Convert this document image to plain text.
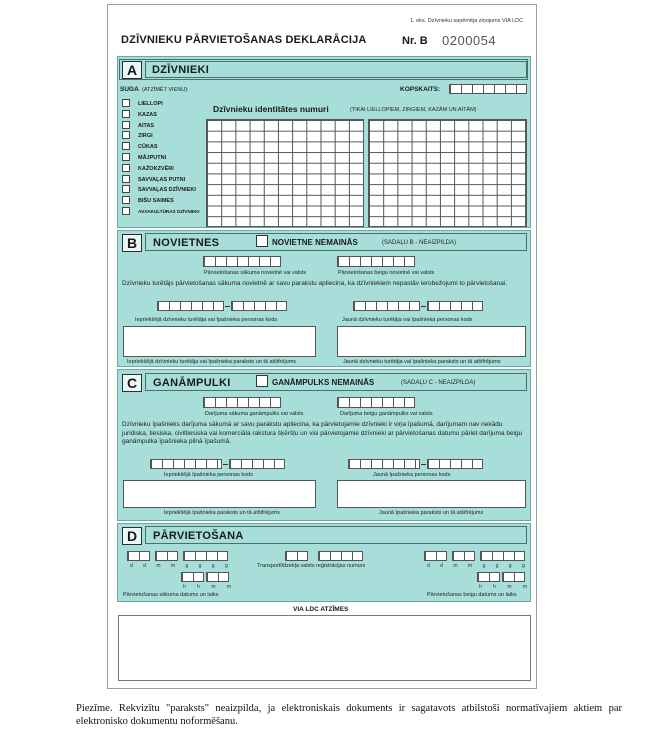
1. eks. Dzīvnieku saņēmēja ziņojums VIA LDC
DZĪVNIEKU PĀRVIETOŠANAS DEKLARĀCIJA	Nr. B 0200054
A	DZĪVNIEKI
SUGA (ATZĪMĒT VIENU):	KOPSKAITS:
Dzīvnieku identitātes numuri	(TIKAI LIELLOPIEM, ZIRGIEM, KAZĀM UN AITĀM)
LIELLOPI
KAZAS
AITAS
ZIRGI
CŪKAS
MĀJPUTNI
KAŽOKZVĒRI
SAVVAĻAS PUTNI
SAVVAĻAS DZĪVNIEKI
BIŠU SAIMES
AKVAKULTŪRAS DZĪVNIEKI
B	NOVIETNES	NOVIETNE NEMAINĀS	(SADAĻU B - NEAIZPILDA)
Pārvietošanas sākuma novietnē vai valsts	Pārvietošanas beigu novietnē vai valsts
Dzīvnieku turētājs pārvietošanas sākuma novietnē ar savu parakstu apliecina, ka dzīvniekiem nepastāv ierobežojumi to pārvietošanai.
Iepriekšējā dzīvnieku turētāja vai īpašnieka personas kods	Jaunā dzīvnieku turētāja vai īpašnieka personas kods
Iepriekšējā dzīvnieku turētāja vai īpašnieka paraksts un tā atšifrējums	Jaunā dzīvnieku turētāja vai īpašnieka paraksts un tā atšifrējums
C	GANĀMPULKI	GANĀMPULKS NEMAINĀS	(SADAĻU C - NEAIZPILDA)
Darījuma sākuma ganāmpulks vai valsts	Darījuma beigu ganāmpulks vai valsts
Dzīvnieku īpašnieks darījuma sākumā ar savu parakstu apliecina, ka pārvietojamie dzīvnieki ir viņa īpašumā, darījumam nav nekādu juridiska, tiesiska, civiltiesiska vai komerciāla rakstura šķēršļu un visi pārvietojamie dzīvnieki ar pārvietošanas datumu pāriet darījuma beigu ganāmpulka īpašnieka pilnā īpašumā.
Iepriekšējā īpašnieka personas kods	Jaunā īpašnieka personas kods
Iepriekšējā īpašnieka paraksts un tā atšifrējums	Jaunā īpašnieka paraksts un tā atšifrējums
D	PĀRVIETOŠANA
d d m m g g g g
h h m m
Pārvietošanas sākuma datums un laiks
Transportlīdzekļa valsts reģistrācijas numurs	d d m m g g g g
h h m m
Pārvietošanas beigu datums un laiks
VIA LDC ATZĪMES
Piezīme. Rekvizītu "paraksts" neaizpilda, ja elektroniskais dokuments ir sagatavots atbilstoši normatīvajiem aktiem par elektronisko dokumentu noformēšanu.
